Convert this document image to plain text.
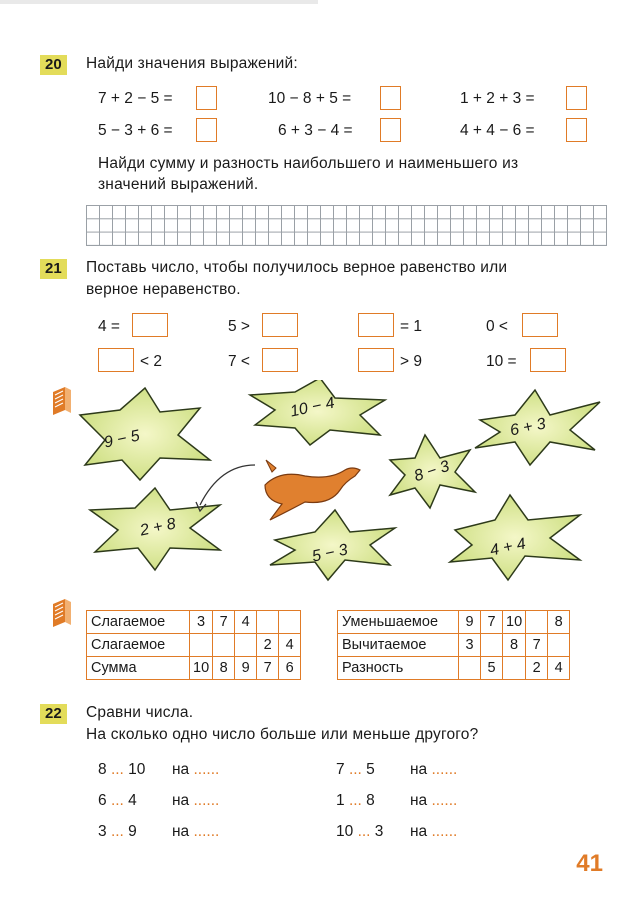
20	Найди значения выражений:
7 + 2 − 5 =	10 − 8 + 5 =	1 + 2 + 3 =
5 − 3 + 6 =	6 + 3 − 4 =	4 + 4 − 6 =
Найди сумму и разность наибольшего и наименьшего из
значений выражений.
21	Поставь число, чтобы получилось верное равенство или
верное неравенство.
4 =	5 >	= 1	0 <
< 2	7 <	> 9	10 =
9 − 5
10 − 4
6 + 3
8 − 3
2 + 8
5 − 3	4 + 4
Слагаемое	3	7	4		
Слагаемое				2	4
Сумма	10	8	9	7	6
Уменьшаемое	9	7	10		8
Вычитаемое	3		8	7	
Разность		5		2	4
22	Сравни числа.
На сколько одно число больше или меньше другого?
8 ... 10 на ......
6 ... 4 на ......
3 ... 9 на ......
7 ... 5 на ......
1 ... 8 на ......
10 ... 3 на ......
41
